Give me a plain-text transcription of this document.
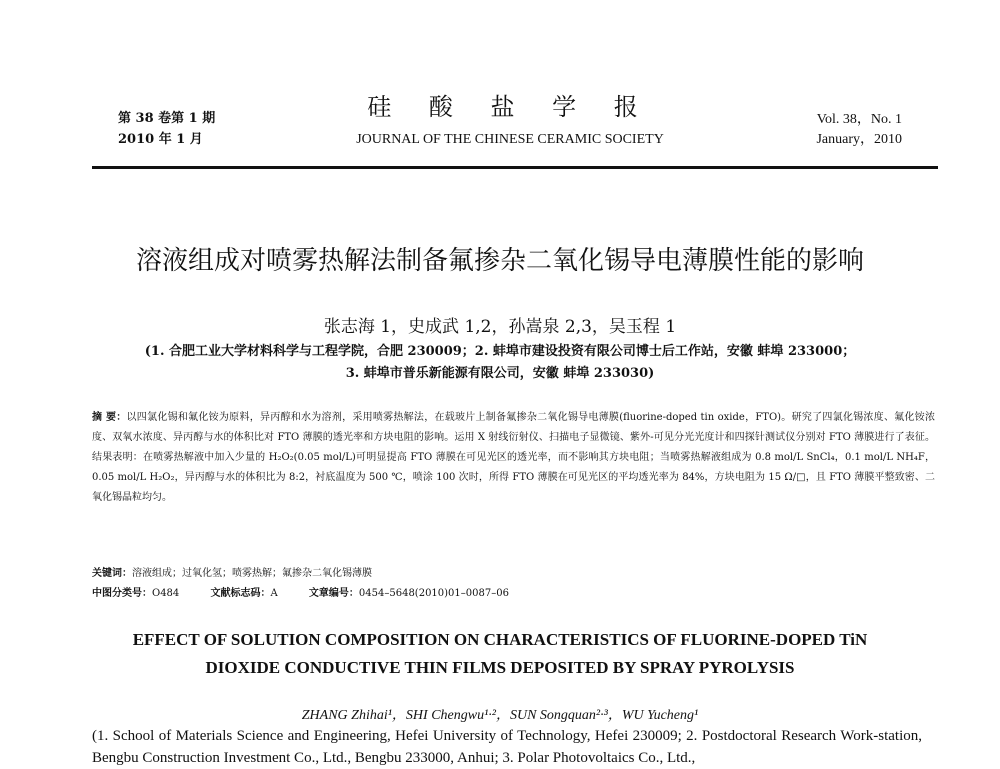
第 38 卷第 1 期
2010 年 1 月
硅 酸 盐 学 报
JOURNAL OF THE CHINESE CERAMIC SOCIETY
Vol. 38，No. 1
January，2010
溶液组成对喷雾热解法制备氟掺杂二氧化锡导电薄膜性能的影响
张志海 1，史成武 1,2，孙嵩泉 2,3，吴玉程 1
(1. 合肥工业大学材料科学与工程学院，合肥 230009；2. 蚌埠市建设投资有限公司博士后工作站，安徽 蚌埠 233000；
3. 蚌埠市普乐新能源有限公司，安徽 蚌埠 233030)
摘 要：以四氯化锡和氟化铵为原料，异丙醇和水为溶剂，采用喷雾热解法，在载玻片上制备氟掺杂二氧化锡导电薄膜(fluorine-doped tin oxide，FTO)。研究了四氯化锡浓度、氟化铵浓度、双氧水浓度、异丙醇与水的体积比对 FTO 薄膜的透光率和方块电阻的影响。运用 X 射线衍射仪、扫描电子显微镜、紫外-可见分光光度计和四探针测试仪分别对 FTO 薄膜进行了表征。结果表明：在喷雾热解液中加入少量的 H₂O₂(0.05 mol/L)可明显提高 FTO 薄膜在可见光区的透光率，而不影响其方块电阻；当喷雾热解液组成为 0.8 mol/L SnCl₄，0.1 mol/L NH₄F，0.05 mol/L H₂O₂，异丙醇与水的体积比为 8:2，衬底温度为 500 ℃，喷涂 100 次时，所得 FTO 薄膜在可见光区的平均透光率为 84%，方块电阻为 15 Ω/□，且 FTO 薄膜平整致密、二氧化锡晶粒均匀。
关键词：溶液组成；过氧化氢；喷雾热解；氟掺杂二氧化锡薄膜
中图分类号：O484	文献标志码：A	文章编号：0454–5648(2010)01–0087–06
EFFECT OF SOLUTION COMPOSITION ON CHARACTERISTICS OF FLUORINE-DOPED TiN
DIOXIDE CONDUCTIVE THIN FILMS DEPOSITED BY SPRAY PYROLYSIS
ZHANG Zhihai¹，SHI Chengwu¹·²，SUN Songquan²·³，WU Yucheng¹
(1. School of Materials Science and Engineering, Hefei University of Technology, Hefei 230009; 2. Postdoctoral Research Work-station, Bengbu Construction Investment Co., Ltd., Bengbu 233000, Anhui; 3. Polar Photovoltaics Co., Ltd.,
